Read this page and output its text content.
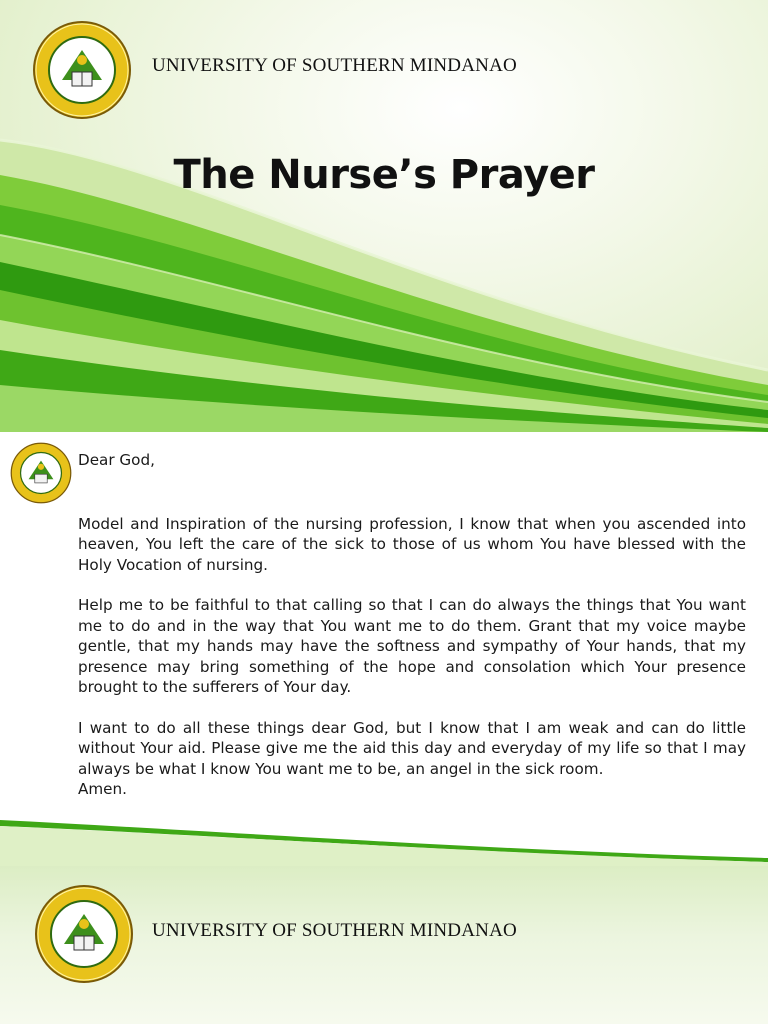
UNIVERSITY OF SOUTHERN MINDANAO
The Nurse’s Prayer

Dear God,

Model and Inspiration of the nursing profession, I know that when you ascended into heaven, You left the care of the sick to those of us whom You have blessed with the Holy Vocation of nursing.

Help me to be faithful to that calling so that I can do always the things that You want me to do and in the way that You want me to do them. Grant that my voice maybe gentle, that my hands may have the softness and sympathy of Your hands, that my presence may bring something of the hope and consolation which Your presence brought to the sufferers of Your day.

I want to do all these things dear God, but I know that I am weak and can do little without Your aid. Please give me the aid this day and everyday of my life so that I may always be what I know You want me to be, an angel in the sick room.

Amen.

UNIVERSITY OF SOUTHERN MINDANAO
